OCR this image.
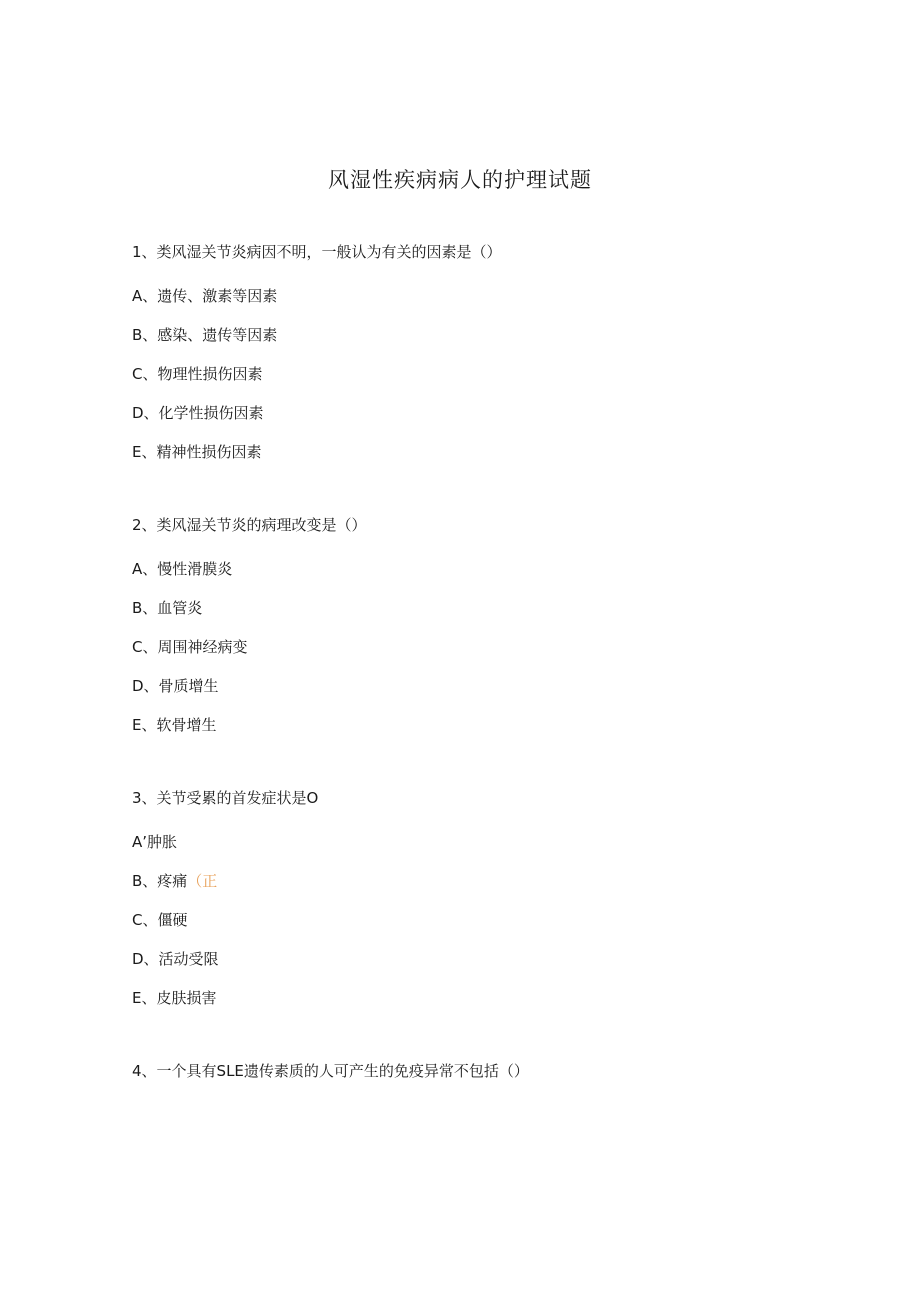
风湿性疾病病人的护理试题
1、类风湿关节炎病因不明，一般认为有关的因素是（）
A、遗传、激素等因素
B、感染、遗传等因素
C、物理性损伤因素
D、化学性损伤因素
E、精神性损伤因素
2、类风湿关节炎的病理改变是（）
A、慢性滑膜炎
B、血管炎
C、周围神经病变
D、骨质增生
E、软骨增生
3、关节受累的首发症状是O
A’肿胀
B、疼痛（正
C、僵硬
D、活动受限
E、皮肤损害
4、一个具有SLE遗传素质的人可产生的免疫异常不包括（）
